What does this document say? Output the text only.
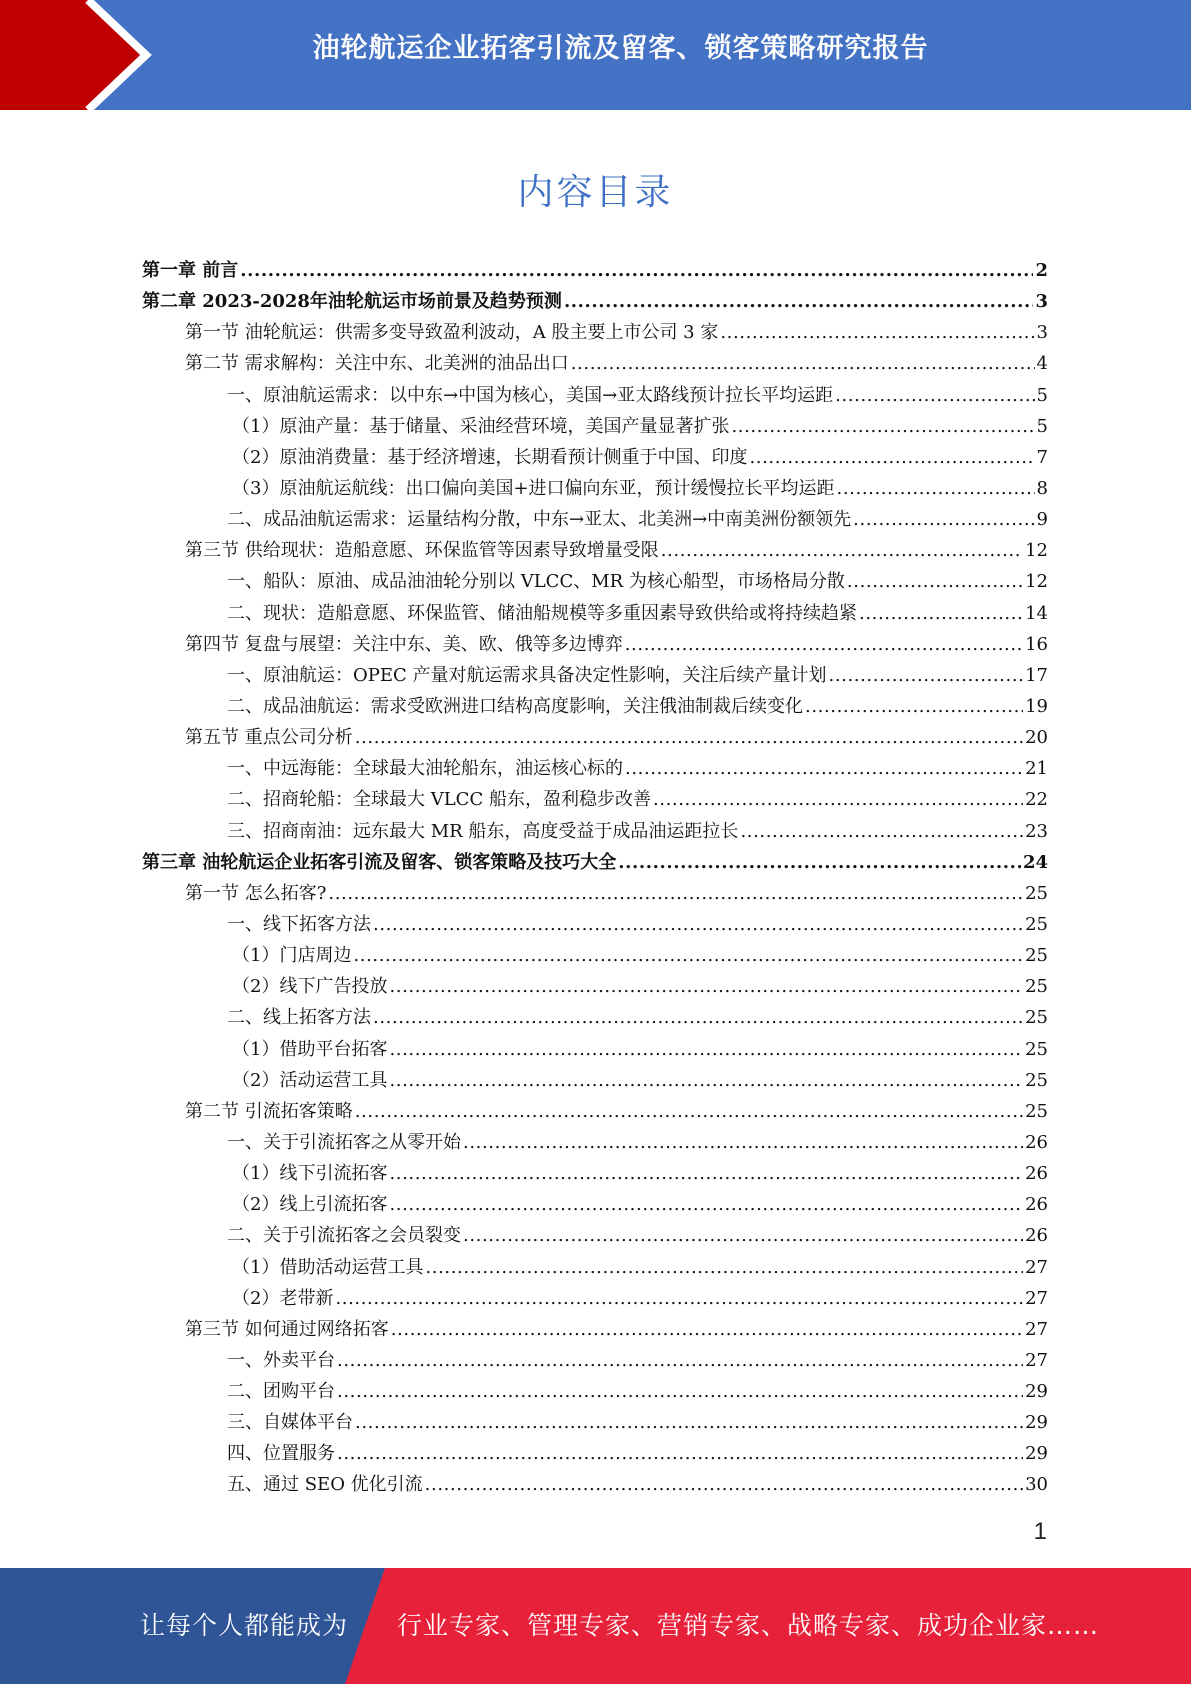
油轮航运企业拓客引流及留客、锁客策略研究报告
内容目录
第一章 前言 .....	2
第二章 2023-2028年油轮航运市场前景及趋势预测 .....	3
第一节 油轮航运：供需多变导致盈利波动，A 股主要上市公司 3 家 .....	3
第二节 需求解构：关注中东、北美洲的油品出口 .....	4
一、原油航运需求：以中东→中国为核心，美国→亚太路线预计拉长平均运距 .....	5
（1）原油产量：基于储量、采油经营环境，美国产量显著扩张 .....	5
（2）原油消费量：基于经济增速，长期看预计侧重于中国、印度 .....	7
（3）原油航运航线：出口偏向美国+进口偏向东亚，预计缓慢拉长平均运距 .....	8
二、成品油航运需求：运量结构分散，中东→亚太、北美洲→中南美洲份额领先 .....	9
第三节 供给现状：造船意愿、环保监管等因素导致增量受限 .....	12
一、船队：原油、成品油油轮分别以 VLCC、MR 为核心船型，市场格局分散 .....	12
二、现状：造船意愿、环保监管、储油船规模等多重因素导致供给或将持续趋紧 .....	14
第四节 复盘与展望：关注中东、美、欧、俄等多边博弈 .....	16
一、原油航运：OPEC 产量对航运需求具备决定性影响，关注后续产量计划 .....	17
二、成品油航运：需求受欧洲进口结构高度影响，关注俄油制裁后续变化 .....	19
第五节 重点公司分析 .....	20
一、中远海能：全球最大油轮船东，油运核心标的 .....	21
二、招商轮船：全球最大 VLCC 船东，盈利稳步改善 .....	22
三、招商南油：远东最大 MR 船东，高度受益于成品油运距拉长 .....	23
第三章 油轮航运企业拓客引流及留客、锁客策略及技巧大全 .....	24
第一节 怎么拓客? .....	25
一、线下拓客方法 .....	25
（1）门店周边 .....	25
（2）线下广告投放 .....	25
二、线上拓客方法 .....	25
（1）借助平台拓客 .....	25
（2）活动运营工具 .....	25
第二节 引流拓客策略 .....	25
一、关于引流拓客之从零开始 .....	26
（1）线下引流拓客 .....	26
（2）线上引流拓客 .....	26
二、关于引流拓客之会员裂变 .....	26
（1）借助活动运营工具 .....	27
（2）老带新 .....	27
第三节 如何通过网络拓客 .....	27
一、外卖平台 .....	27
二、团购平台 .....	29
三、自媒体平台 .....	29
四、位置服务 .....	29
五、通过 SEO 优化引流 .....	30
1
让每个人都能成为 行业专家、管理专家、营销专家、战略专家、成功企业家……
